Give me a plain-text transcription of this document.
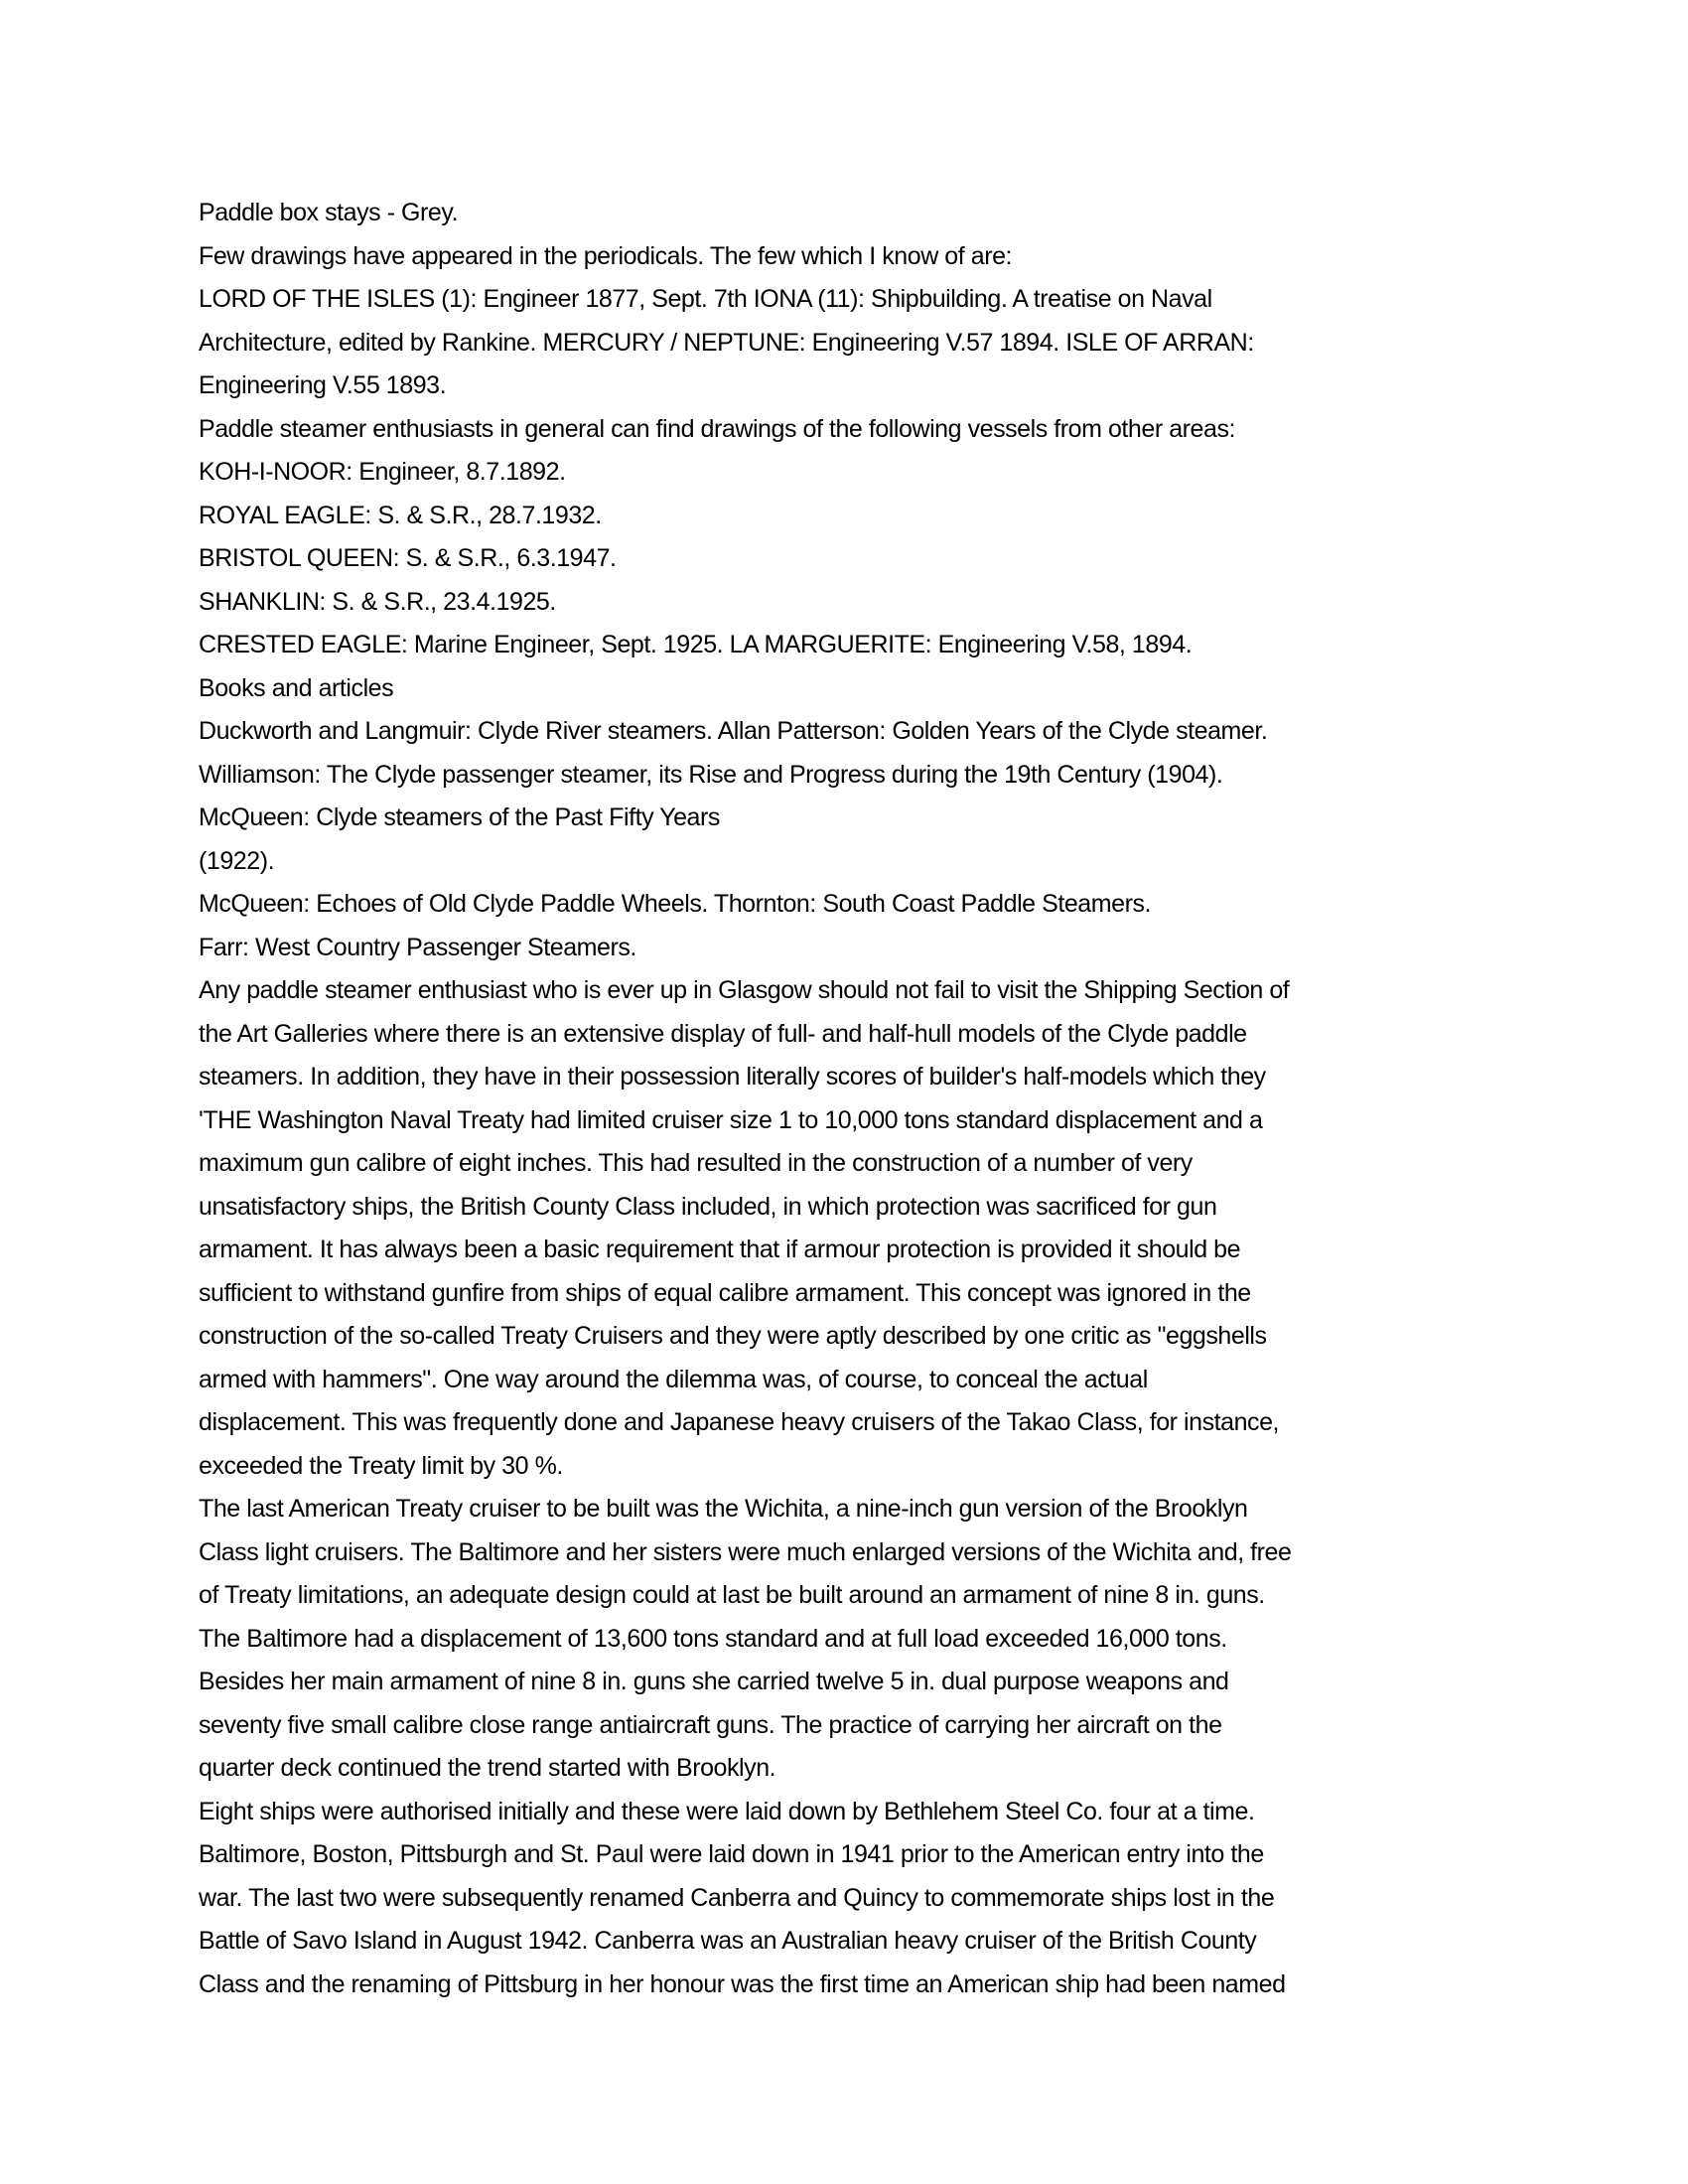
Paddle box stays - Grey.
Few drawings have appeared in the periodicals. The few which I know of are:
LORD OF THE ISLES (1): Engineer 1877, Sept. 7th IONA (11): Shipbuilding. A treatise on Naval
Architecture, edited by Rankine. MERCURY / NEPTUNE: Engineering V.57 1894. ISLE OF ARRAN:
Engineering V.55 1893.
Paddle steamer enthusiasts in general can find drawings of the following vessels from other areas:
KOH-I-NOOR: Engineer, 8.7.1892.
ROYAL EAGLE: S. & S.R., 28.7.1932.
BRISTOL QUEEN: S. & S.R., 6.3.1947.
SHANKLIN: S. & S.R., 23.4.1925.
CRESTED EAGLE: Marine Engineer, Sept. 1925. LA MARGUERITE: Engineering V.58, 1894.
Books and articles
Duckworth and Langmuir: Clyde River steamers. Allan Patterson: Golden Years of the Clyde steamer.
Williamson: The Clyde passenger steamer, its Rise and Progress during the 19th Century (1904).
McQueen: Clyde steamers of the Past Fifty Years
(1922).
McQueen: Echoes of Old Clyde Paddle Wheels. Thornton: South Coast Paddle Steamers.
Farr: West Country Passenger Steamers.
Any paddle steamer enthusiast who is ever up in Glasgow should not fail to visit the Shipping Section of
the Art Galleries where there is an extensive display of full- and half-hull models of the Clyde paddle
steamers. In addition, they have in their possession literally scores of builder's half-models which they
'THE Washington Naval Treaty had limited cruiser size 1 to 10,000 tons standard displacement and a
maximum gun calibre of eight inches. This had resulted in the construction of a number of very
unsatisfactory ships, the British County Class included, in which protection was sacrificed for gun
armament. It has always been a basic requirement that if armour protection is provided it should be
sufficient to withstand gunfire from ships of equal calibre armament. This concept was ignored in the
construction of the so-called Treaty Cruisers and they were aptly described by one critic as "eggshells
armed with hammers". One way around the dilemma was, of course, to conceal the actual
displacement. This was frequently done and Japanese heavy cruisers of the Takao Class, for instance,
exceeded the Treaty limit by 30 %.
The last American Treaty cruiser to be built was the Wichita, a nine-inch gun version of the Brooklyn
Class light cruisers. The Baltimore and her sisters were much enlarged versions of the Wichita and, free
of Treaty limitations, an adequate design could at last be built around an armament of nine 8 in. guns.
The Baltimore had a displacement of 13,600 tons standard and at full load exceeded 16,000 tons.
Besides her main armament of nine 8 in. guns she carried twelve 5 in. dual purpose weapons and
seventy five small calibre close range antiaircraft guns. The practice of carrying her aircraft on the
quarter deck continued the trend started with Brooklyn.
Eight ships were authorised initially and these were laid down by Bethlehem Steel Co. four at a time.
Baltimore, Boston, Pittsburgh and St. Paul were laid down in 1941 prior to the American entry into the
war. The last two were subsequently renamed Canberra and Quincy to commemorate ships lost in the
Battle of Savo Island in August 1942. Canberra was an Australian heavy cruiser of the British County
Class and the renaming of Pittsburg in her honour was the first time an American ship had been named
